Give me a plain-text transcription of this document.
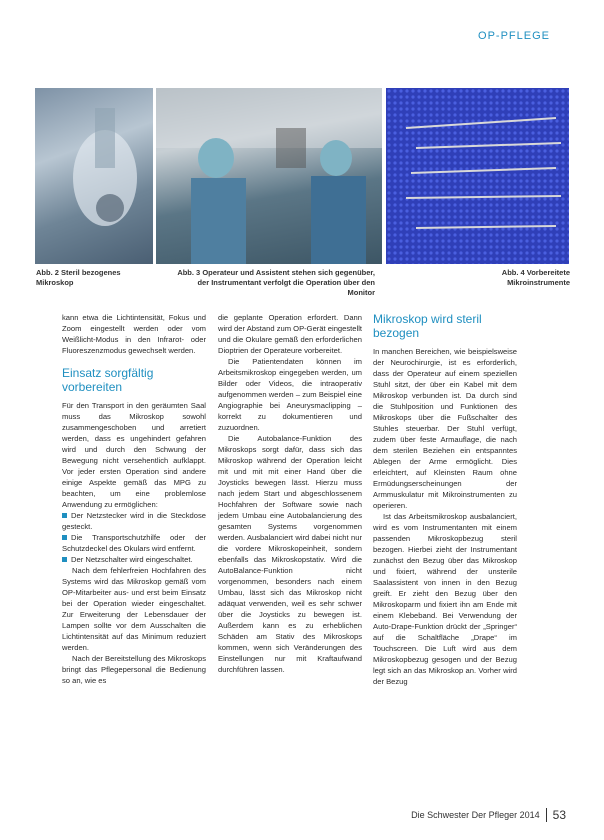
OP-PFLEGE
Abb. 2 Steril bezogenes Mikroskop
Abb. 3 Operateur und Assistent stehen sich gegenüber, der Instrumentant verfolgt die Operation über den Monitor
Abb. 4 Vorbereitete Mikroinstrumente

kann etwa die Lichtintensität, Fokus und Zoom eingestellt werden oder vom Weißlicht-Modus in den Infrarot- oder Fluoreszenzmodus gewechselt werden.

Einsatz sorgfältig vorbereiten

Für den Transport in den geräumten Saal muss das Mikroskop sowohl zusammengeschoben und arretiert werden, dass es ungehindert gefahren wird und durch den Schwung der Bewegung nicht versehentlich aufklappt. Vor jeder ersten Operation sind andere einige Aspekte gemäß das MPG zu beachten, um eine problemlose Anwendung zu ermöglichen:

Der Netzstecker wird in die Steckdose gesteckt.

Die Transportschutzhilfe oder der Schutzdeckel des Okulars wird entfernt.

Der Netzschalter wird eingeschaltet.

Nach dem fehlerfreien Hochfahren des Systems wird das Mikroskop gemäß vom OP-Mitarbeiter aus- und erst beim Einsatz bei der Operation wieder eingeschaltet. Zur Erweiterung der Lebensdauer der Lampen sollte vor dem Ausschalten die Lichtintensität auf das Minimum reduziert werden.

Nach der Bereitstellung des Mikroskops bringt das Pflegepersonal die Bedienung so an, wie es

die geplante Operation erfordert. Dann wird der Abstand zum OP-Gerät eingestellt und die Okulare gemäß den erforderlichen Dioptrien der Operateure vorbereitet.

Die Patientendaten können im Arbeitsmikroskop eingegeben werden, um Bilder oder Videos, die intraoperativ aufgenommen werden – zum Beispiel eine Angiographie bei Aneurysmaclipping – korrekt zu dokumentieren und zuzuordnen.

Die Autobalance-Funktion des Mikroskops sorgt dafür, dass sich das Mikroskop während der Operation leicht mit und mit mit einer Hand über die Joysticks bewegen lässt. Hierzu muss nach jedem Start und abgeschlossenem Hochfahren der Software sowie nach jedem Umbau eine Autobalancierung des gesamten Systems vorgenommen werden. Ausbalanciert wird dabei nicht nur die vordere Mikroskopeinheit, sondern ebenfalls das Mikroskopstativ. Wird die AutoBalance-Funktion nicht vorgenommen, besonders nach einem Umbau, lässt sich das Mikroskop nicht adäquat verwenden, weil es sehr schwer über die Joysticks zu bewegen ist. Außerdem kann es zu erheblichen Schäden am Stativ des Mikroskops kommen, wenn sich Veränderungen des Einstellungen nur mit Kraftaufwand durchführen lassen.

Mikroskop wird steril bezogen

In manchen Bereichen, wie beispielsweise der Neurochirurgie, ist es erforderlich, dass der Operateur auf einem speziellen Stuhl sitzt, der über ein Kabel mit dem Mikroskop verbunden ist. Da durch sind die Stuhlposition und Funktionen des Mikroskops über die Fußschalter des Stuhles steuerbar. Der Stuhl verfügt, zudem über feste Armauflage, die nach dem sterilen Beziehen ein entspanntes Ablegen der Arme ermöglicht. Dies erleichtert, auf Kleinsten Raum ohne Ermüdungserscheinungen der Armmuskulatur mit Mikroinstrumenten zu operieren.

Ist das Arbeitsmikroskop ausbalanciert, wird es vom Instrumentanten mit einem passenden Mikroskopbezug steril bezogen. Hierbei zieht der Instrumentant zunächst den Bezug über das Mikroskop und fixiert, während der unsterile Saalassistent von innen in den Bezug greift. Er zieht den Bezug über den Mikroskoparm und fixiert ihn am Ende mit einem Klebeband. Bei Verwendung der Auto-Drape-Funktion drückt der „Springer“ auf die Schaltfläche „Drape“ im Touchscreen. Die Luft wird aus dem Mikroskopbezug gesogen und der Bezug legt sich an das Mikroskop an. Vorher wird der Bezug

Die Schwester Der Pfleger 2014 53
